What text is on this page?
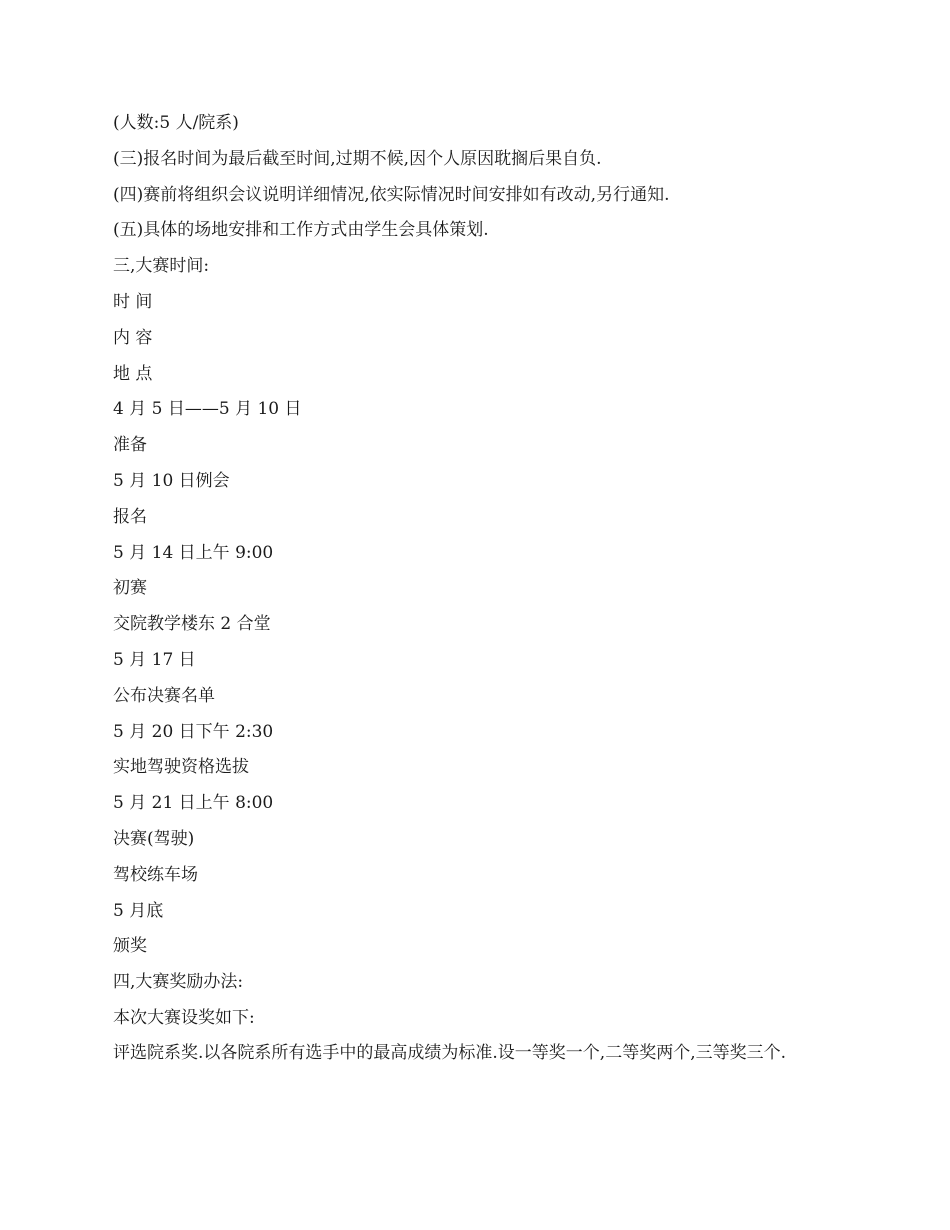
(人数:5 人/院系)
(三)报名时间为最后截至时间,过期不候,因个人原因耽搁后果自负.
(四)赛前将组织会议说明详细情况,依实际情况时间安排如有改动,另行通知.
(五)具体的场地安排和工作方式由学生会具体策划.
三,大赛时间:
时 间
内 容
地 点
4 月 5 日——5 月 10 日
准备
5 月 10 日例会
报名
5 月 14 日上午 9:00
初赛
交院教学楼东 2 合堂
5 月 17 日
公布决赛名单
5 月 20 日下午 2:30
实地驾驶资格选拔
5 月 21 日上午 8:00
决赛(驾驶)
驾校练车场
5 月底
颁奖
四,大赛奖励办法:
本次大赛设奖如下:
评选院系奖.以各院系所有选手中的最高成绩为标准.设一等奖一个,二等奖两个,三等奖三个.
